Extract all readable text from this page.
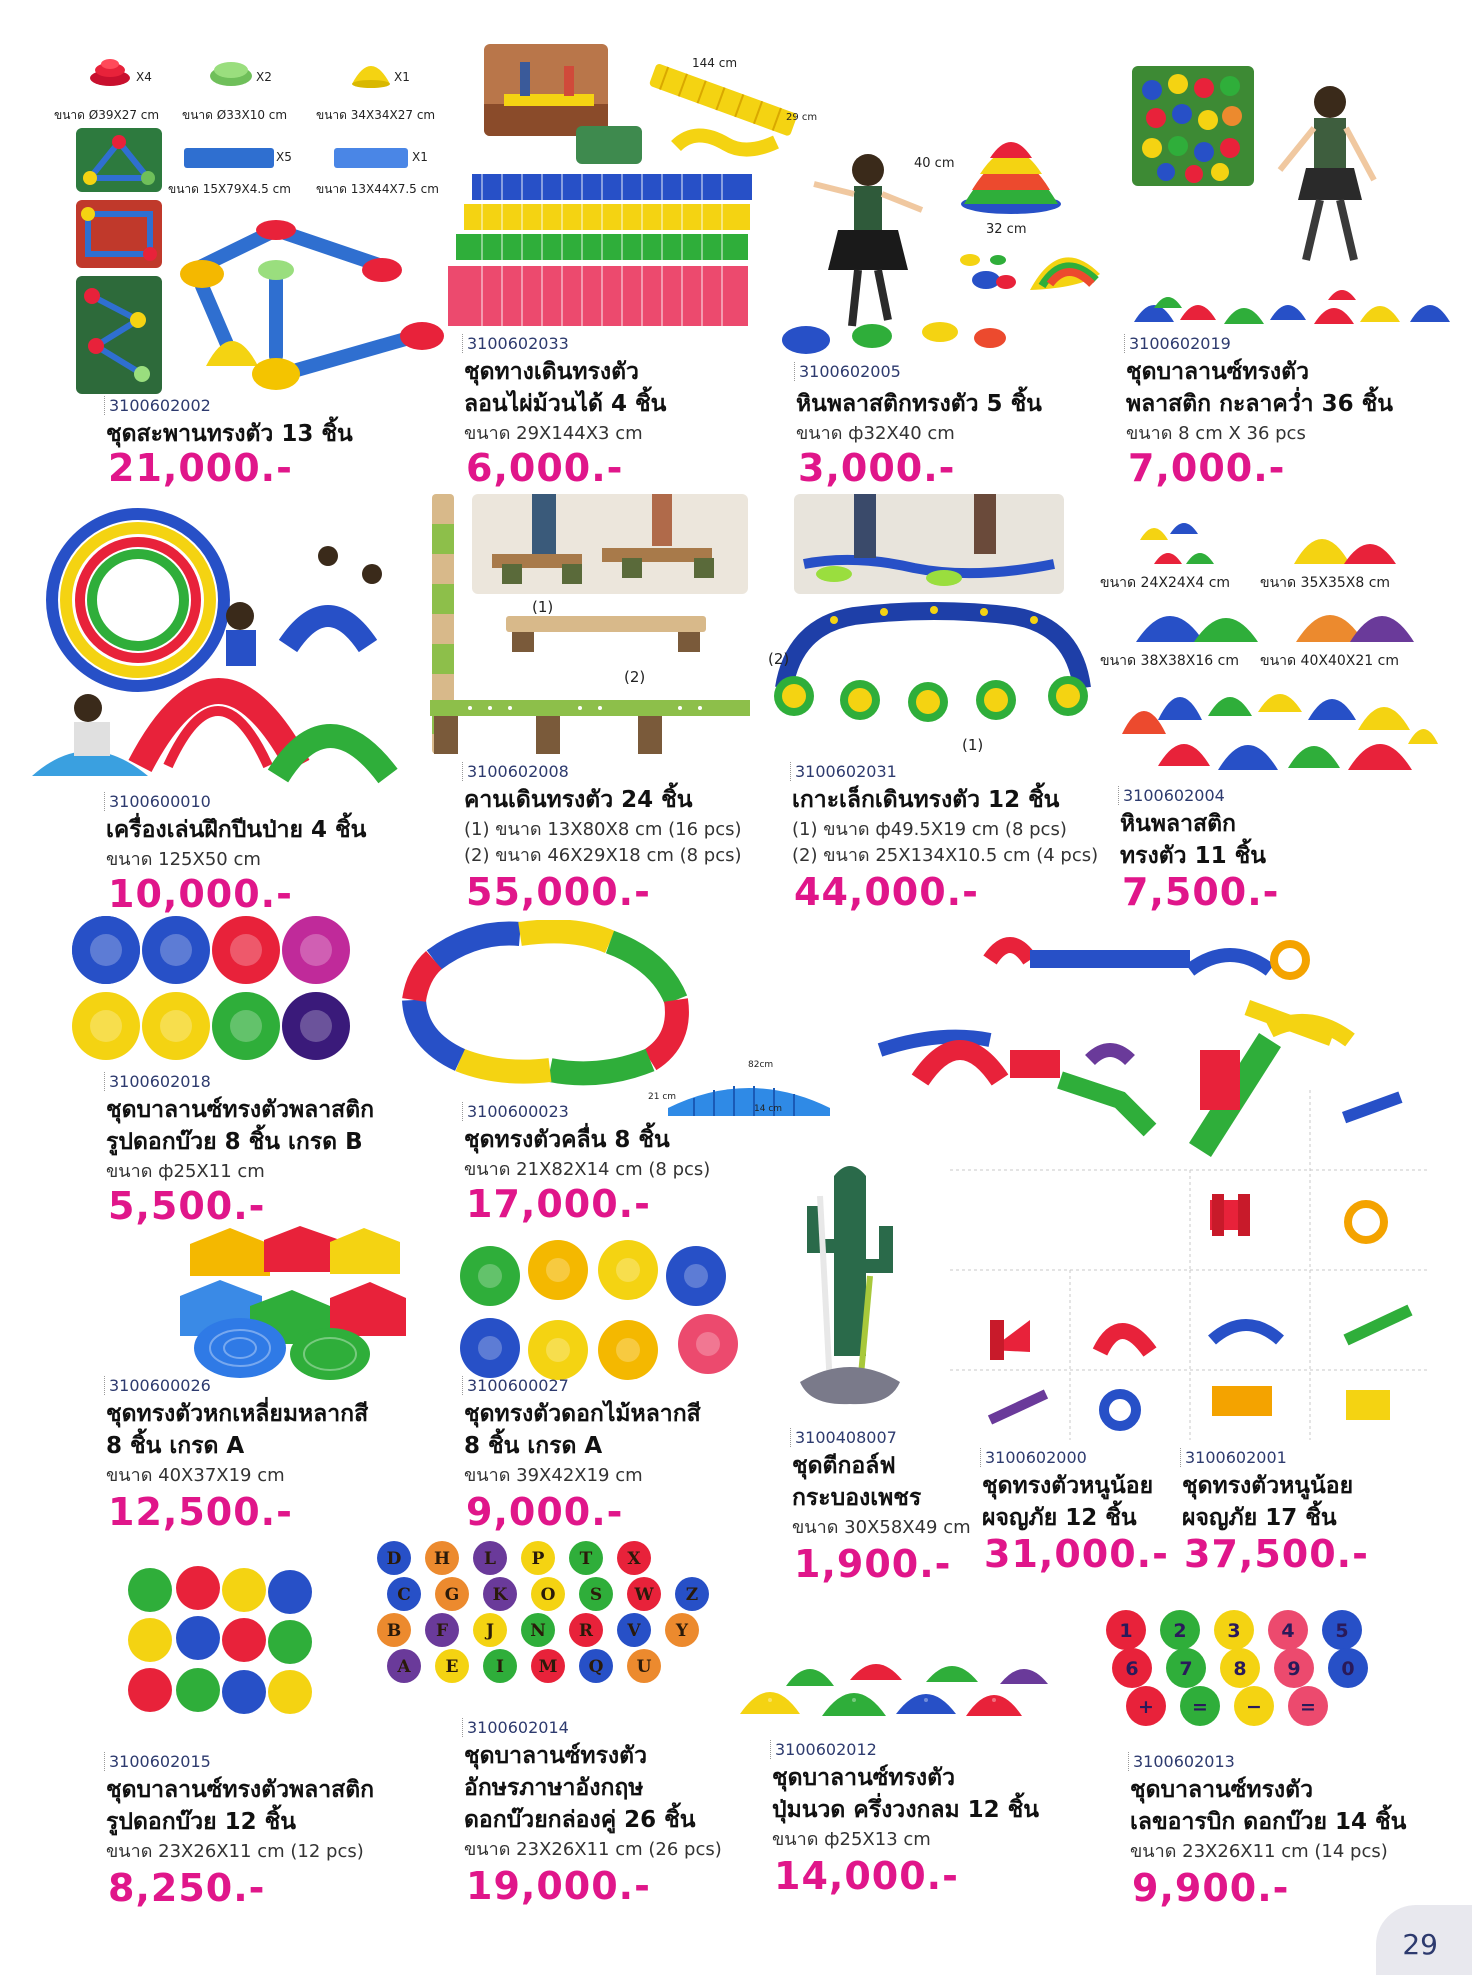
X4
ขนาด Ø39X27 cm
X2
ขนาด Ø33X10 cm
X1
ขนาด 34X34X27 cm
X5
ขนาด 15X79X4.5 cm
X1
ขนาด 13X44X7.5 cm
3100602002
ชุดสะพานทรงตัว 13 ชิ้น
21,000.-
144 cm
29 cm
3100602033
ชุดทางเดินทรงตัว
ลอนไผ่ม้วนได้ 4 ชิ้น
ขนาด 29X144X3 cm
6,000.-
40 cm
32 cm
3100602005
หินพลาสติกทรงตัว 5 ชิ้น
ขนาด ф32X40 cm
3,000.-
3100602019
ชุดบาลานซ์ทรงตัว
พลาสติก กะลาคว่ำ 36 ชิ้น
ขนาด 8 cm X 36 pcs
7,000.-
3100600010
เครื่องเล่นฝึกปีนป่าย 4 ชิ้น
ขนาด 125X50 cm
10,000.-
(1)
(2)
3100602008
คานเดินทรงตัว 24 ชิ้น
(1) ขนาด 13X80X8 cm (16 pcs)
(2) ขนาด 46X29X18 cm (8 pcs)
55,000.-
(2)
(1)
3100602031
เกาะเล็กเดินทรงตัว 12 ชิ้น
(1) ขนาด ф49.5X19 cm (8 pcs)
(2) ขนาด 25X134X10.5 cm (4 pcs)
44,000.-
ขนาด 24X24X4 cm ขนาด 35X35X8 cm
ขนาด 38X38X16 cm ขนาด 40X40X21 cm
3100602004
หินพลาสติก
ทรงตัว 11 ชิ้น
7,500.-
3100602018
ชุดบาลานซ์ทรงตัวพลาสติก
รูปดอกบ๊วย 8 ชิ้น เกรด B
ขนาด ф25X11 cm
5,500.-
82cm
21 cm
14 cm
3100600023
ชุดทรงตัวคลื่น 8 ชิ้น
ขนาด 21X82X14 cm (8 pcs)
17,000.-
3100600026
ชุดทรงตัวหกเหลี่ยมหลากสี
8 ชิ้น เกรด A
ขนาด 40X37X19 cm
12,500.-
3100600027
ชุดทรงตัวดอกไม้หลากสี
8 ชิ้น เกรด A
ขนาด 39X42X19 cm
9,000.-
3100408007
ชุดตีกอล์ฟ
กระบองเพชร
ขนาด 30X58X49 cm
1,900.-
3100602000
ชุดทรงตัวหนูน้อย
ผจญภัย 12 ชิ้น
31,000.-
3100602001
ชุดทรงตัวหนูน้อย
ผจญภัย 17 ชิ้น
37,500.-
3100602015
ชุดบาลานซ์ทรงตัวพลาสติก
รูปดอกบ๊วย 12 ชิ้น
ขนาด 23X26X11 cm (12 pcs)
8,250.-
D H L P T X
C G K O S W Z
B F J N R V Y
A E I M Q U
3100602014
ชุดบาลานซ์ทรงตัว
อักษรภาษาอังกฤษ
ดอกบ๊วยกล่องคู่ 26 ชิ้น
ขนาด 23X26X11 cm (26 pcs)
19,000.-
3100602012
ชุดบาลานซ์ทรงตัว
ปุ่มนวด ครึ่งวงกลม 12 ชิ้น
ขนาด ф25X13 cm
14,000.-
1 2 3 4 5
6 7 8 9 0
+ = − =
3100602013
ชุดบาลานซ์ทรงตัว
เลขอารบิก ดอกบ๊วย 14 ชิ้น
ขนาด 23X26X11 cm (14 pcs)
9,900.-
29
